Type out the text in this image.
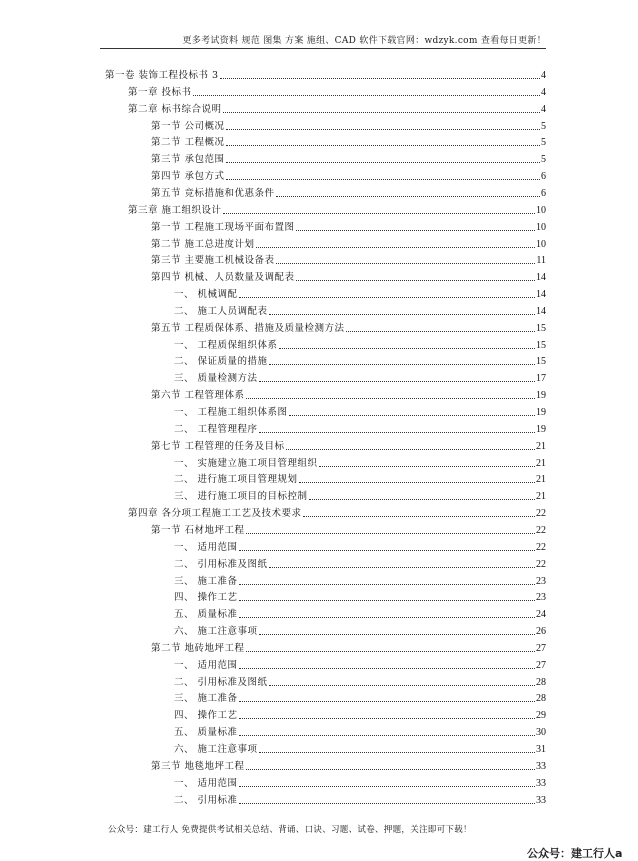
更多考试资料 规范 图集 方案 施组、CAD 软件下载官网：wdzyk.com 查看每日更新！
第一卷 装饰工程投标书 3	4
第一章 投标书	4
第二章 标书综合说明	4
第一节 公司概况	5
第二节 工程概况	5
第三节 承包范围	5
第四节 承包方式	6
第五节 竞标措施和优惠条件	6
第三章 施工组织设计	10
第一节 工程施工现场平面布置图	10
第二节 施工总进度计划	10
第三节 主要施工机械设备表	11
第四节 机械、人员数量及调配表	14
一、 机械调配	14
二、 施工人员调配表	14
第五节 工程质保体系、措施及质量检测方法	15
一、 工程质保组织体系	15
二、 保证质量的措施	15
三、 质量检测方法	17
第六节 工程管理体系	19
一、 工程施工组织体系图	19
二、 工程管理程序	19
第七节 工程管理的任务及目标	21
一、 实施建立施工项目管理组织	21
二、 进行施工项目管理规划	21
三、 进行施工项目的目标控制	21
第四章 各分项工程施工工艺及技术要求	22
第一节 石材地坪工程	22
一、 适用范围	22
二、 引用标准及图纸	22
三、 施工准备	23
四、 操作工艺	23
五、 质量标准	24
六、 施工注意事项	26
第二节 地砖地坪工程	27
一、 适用范围	27
二、 引用标准及图纸	28
三、 施工准备	28
四、 操作工艺	29
五、 质量标准	30
六、 施工注意事项	31
第三节 地毯地坪工程	33
一、 适用范围	33
二、 引用标准	33
公众号：建工行人 免费提供考试相关总结、背诵、口诀、习题、试卷、押题，关注即可下载！
公众号：建工行人a
